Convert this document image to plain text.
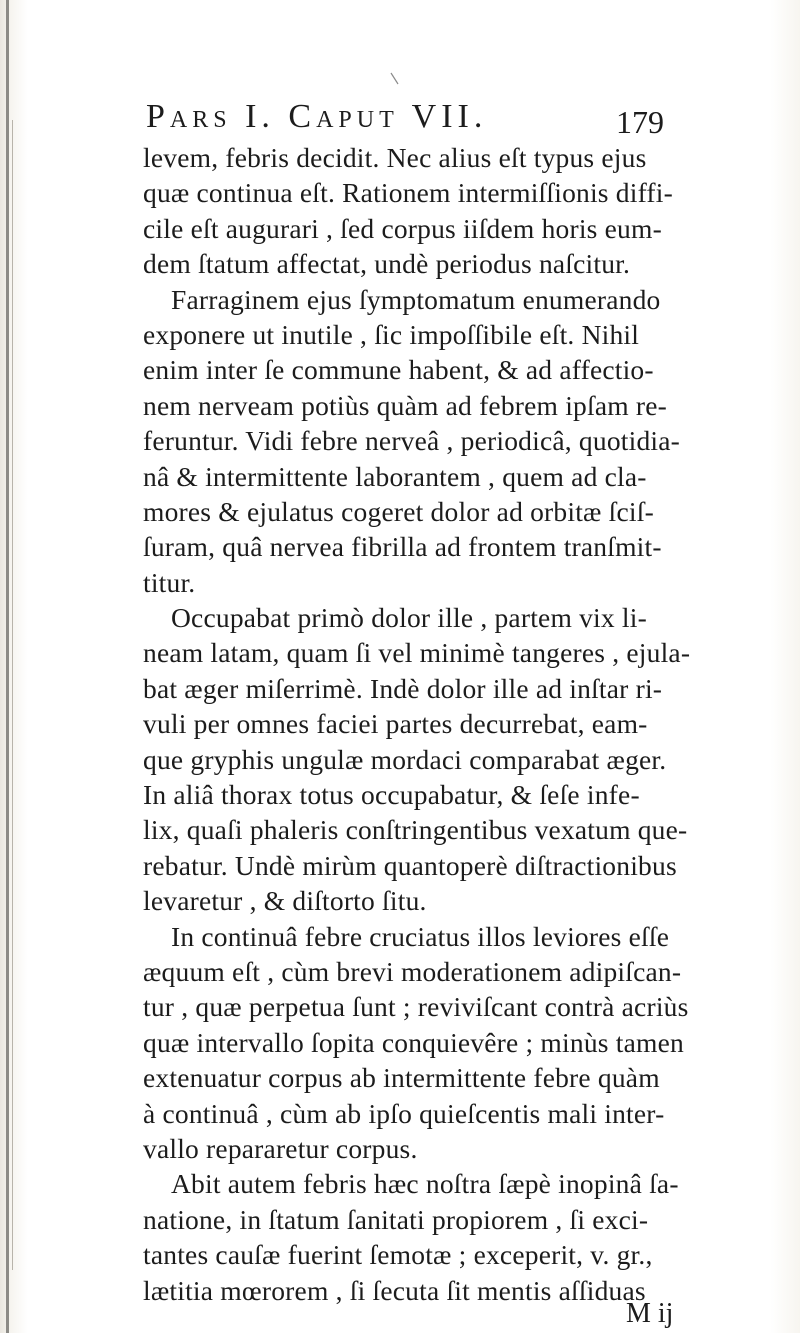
Pars I. Caput VII.	179
levem, febris decidit. Nec alius eſt typus ejus
quæ continua eſt. Rationem intermiſſionis diffi-
cile eſt augurari , ſed corpus iiſdem horis eum-
dem ſtatum affectat, undè periodus naſcitur.
Farraginem ejus ſymptomatum enumerando
exponere ut inutile , ſic impoſſibile eſt. Nihil
enim inter ſe commune habent, & ad affectio-
nem nerveam potiùs quàm ad febrem ipſam re-
feruntur. Vidi febre nerveâ , periodicâ, quotidia-
nâ & intermittente laborantem , quem ad cla-
mores & ejulatus cogeret dolor ad orbitæ ſciſ-
ſuram, quâ nervea fibrilla ad frontem tranſmit-
titur.
Occupabat primò dolor ille , partem vix li-
neam latam, quam ſi vel minimè tangeres , ejula-
bat æger miſerrimè. Indè dolor ille ad inſtar ri-
vuli per omnes faciei partes decurrebat, eam-
que gryphis ungulæ mordaci comparabat æger.
In aliâ thorax totus occupabatur, & ſeſe infe-
lix, quaſi phaleris conſtringentibus vexatum que-
rebatur. Undè mirùm quantoperè diſtractionibus
levaretur , & diſtorto ſitu.
In continuâ febre cruciatus illos leviores eſſe
æquum eſt , cùm brevi moderationem adipiſcan-
tur , quæ perpetua ſunt ; reviviſcant contrà acriùs
quæ intervallo ſopita conquievêre ; minùs tamen
extenuatur corpus ab intermittente febre quàm
à continuâ , cùm ab ipſo quieſcentis mali inter-
vallo repararetur corpus.
Abit autem febris hæc noſtra ſæpè inopinâ ſa-
natione, in ſtatum ſanitati propiorem , ſi exci-
tantes cauſæ fuerint ſemotæ ; exceperit, v. gr.,
lætitia mœrorem , ſi ſecuta ſit mentis aſſiduas
M ij
